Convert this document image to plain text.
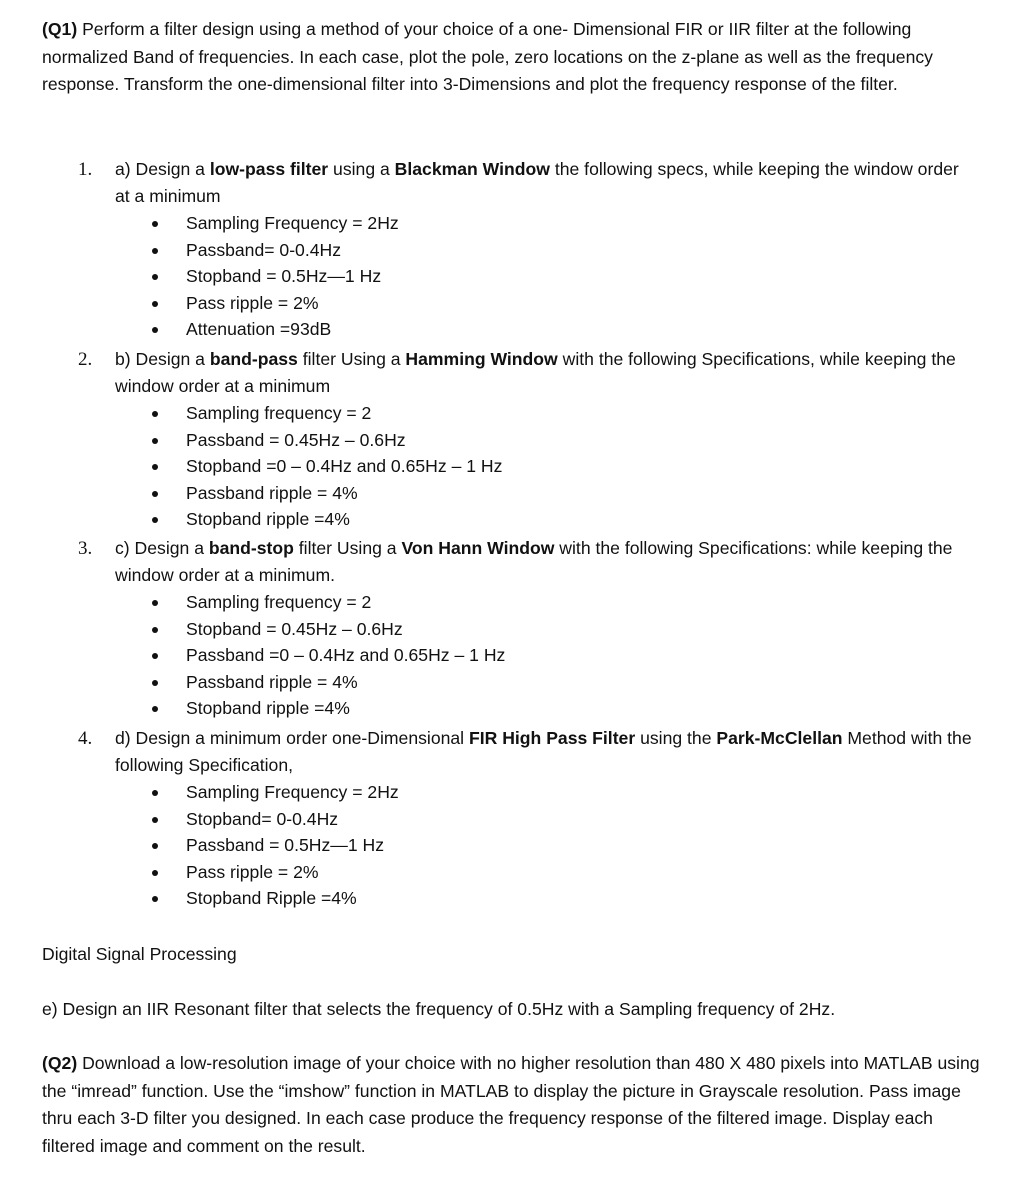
(Q1) Perform a filter design using a method of your choice of a one- Dimensional FIR or IIR filter at the following normalized Band of frequencies. In each case, plot the pole, zero locations on the z-plane as well as the frequency response. Transform the one-dimensional filter into 3-Dimensions and plot the frequency response of the filter.
1. a) Design a low-pass filter using a Blackman Window the following specs, while keeping the window order at a minimum
Sampling Frequency = 2Hz
Passband= 0-0.4Hz
Stopband = 0.5Hz—1 Hz
Pass ripple = 2%
Attenuation =93dB
2. b) Design a band-pass filter Using a Hamming Window with the following Specifications, while keeping the window order at a minimum
Sampling frequency = 2
Passband = 0.45Hz – 0.6Hz
Stopband =0 – 0.4Hz and 0.65Hz – 1 Hz
Passband ripple = 4%
Stopband ripple =4%
3. c) Design a band-stop filter Using a Von Hann Window with the following Specifications: while keeping the window order at a minimum.
Sampling frequency = 2
Stopband = 0.45Hz – 0.6Hz
Passband =0 – 0.4Hz and 0.65Hz – 1 Hz
Passband ripple = 4%
Stopband ripple =4%
4. d) Design a minimum order one-Dimensional FIR High Pass Filter using the Park-McClellan Method with the following Specification,
Sampling Frequency = 2Hz
Stopband= 0-0.4Hz
Passband = 0.5Hz—1 Hz
Pass ripple = 2%
Stopband Ripple =4%
Digital Signal Processing
e) Design an IIR Resonant filter that selects the frequency of 0.5Hz with a Sampling frequency of 2Hz.
(Q2) Download a low-resolution image of your choice with no higher resolution than 480 X 480 pixels into MATLAB using the “imread” function. Use the “imshow” function in MATLAB to display the picture in Grayscale resolution. Pass image thru each 3-D filter you designed. In each case produce the frequency response of the filtered image. Display each filtered image and comment on the result.
